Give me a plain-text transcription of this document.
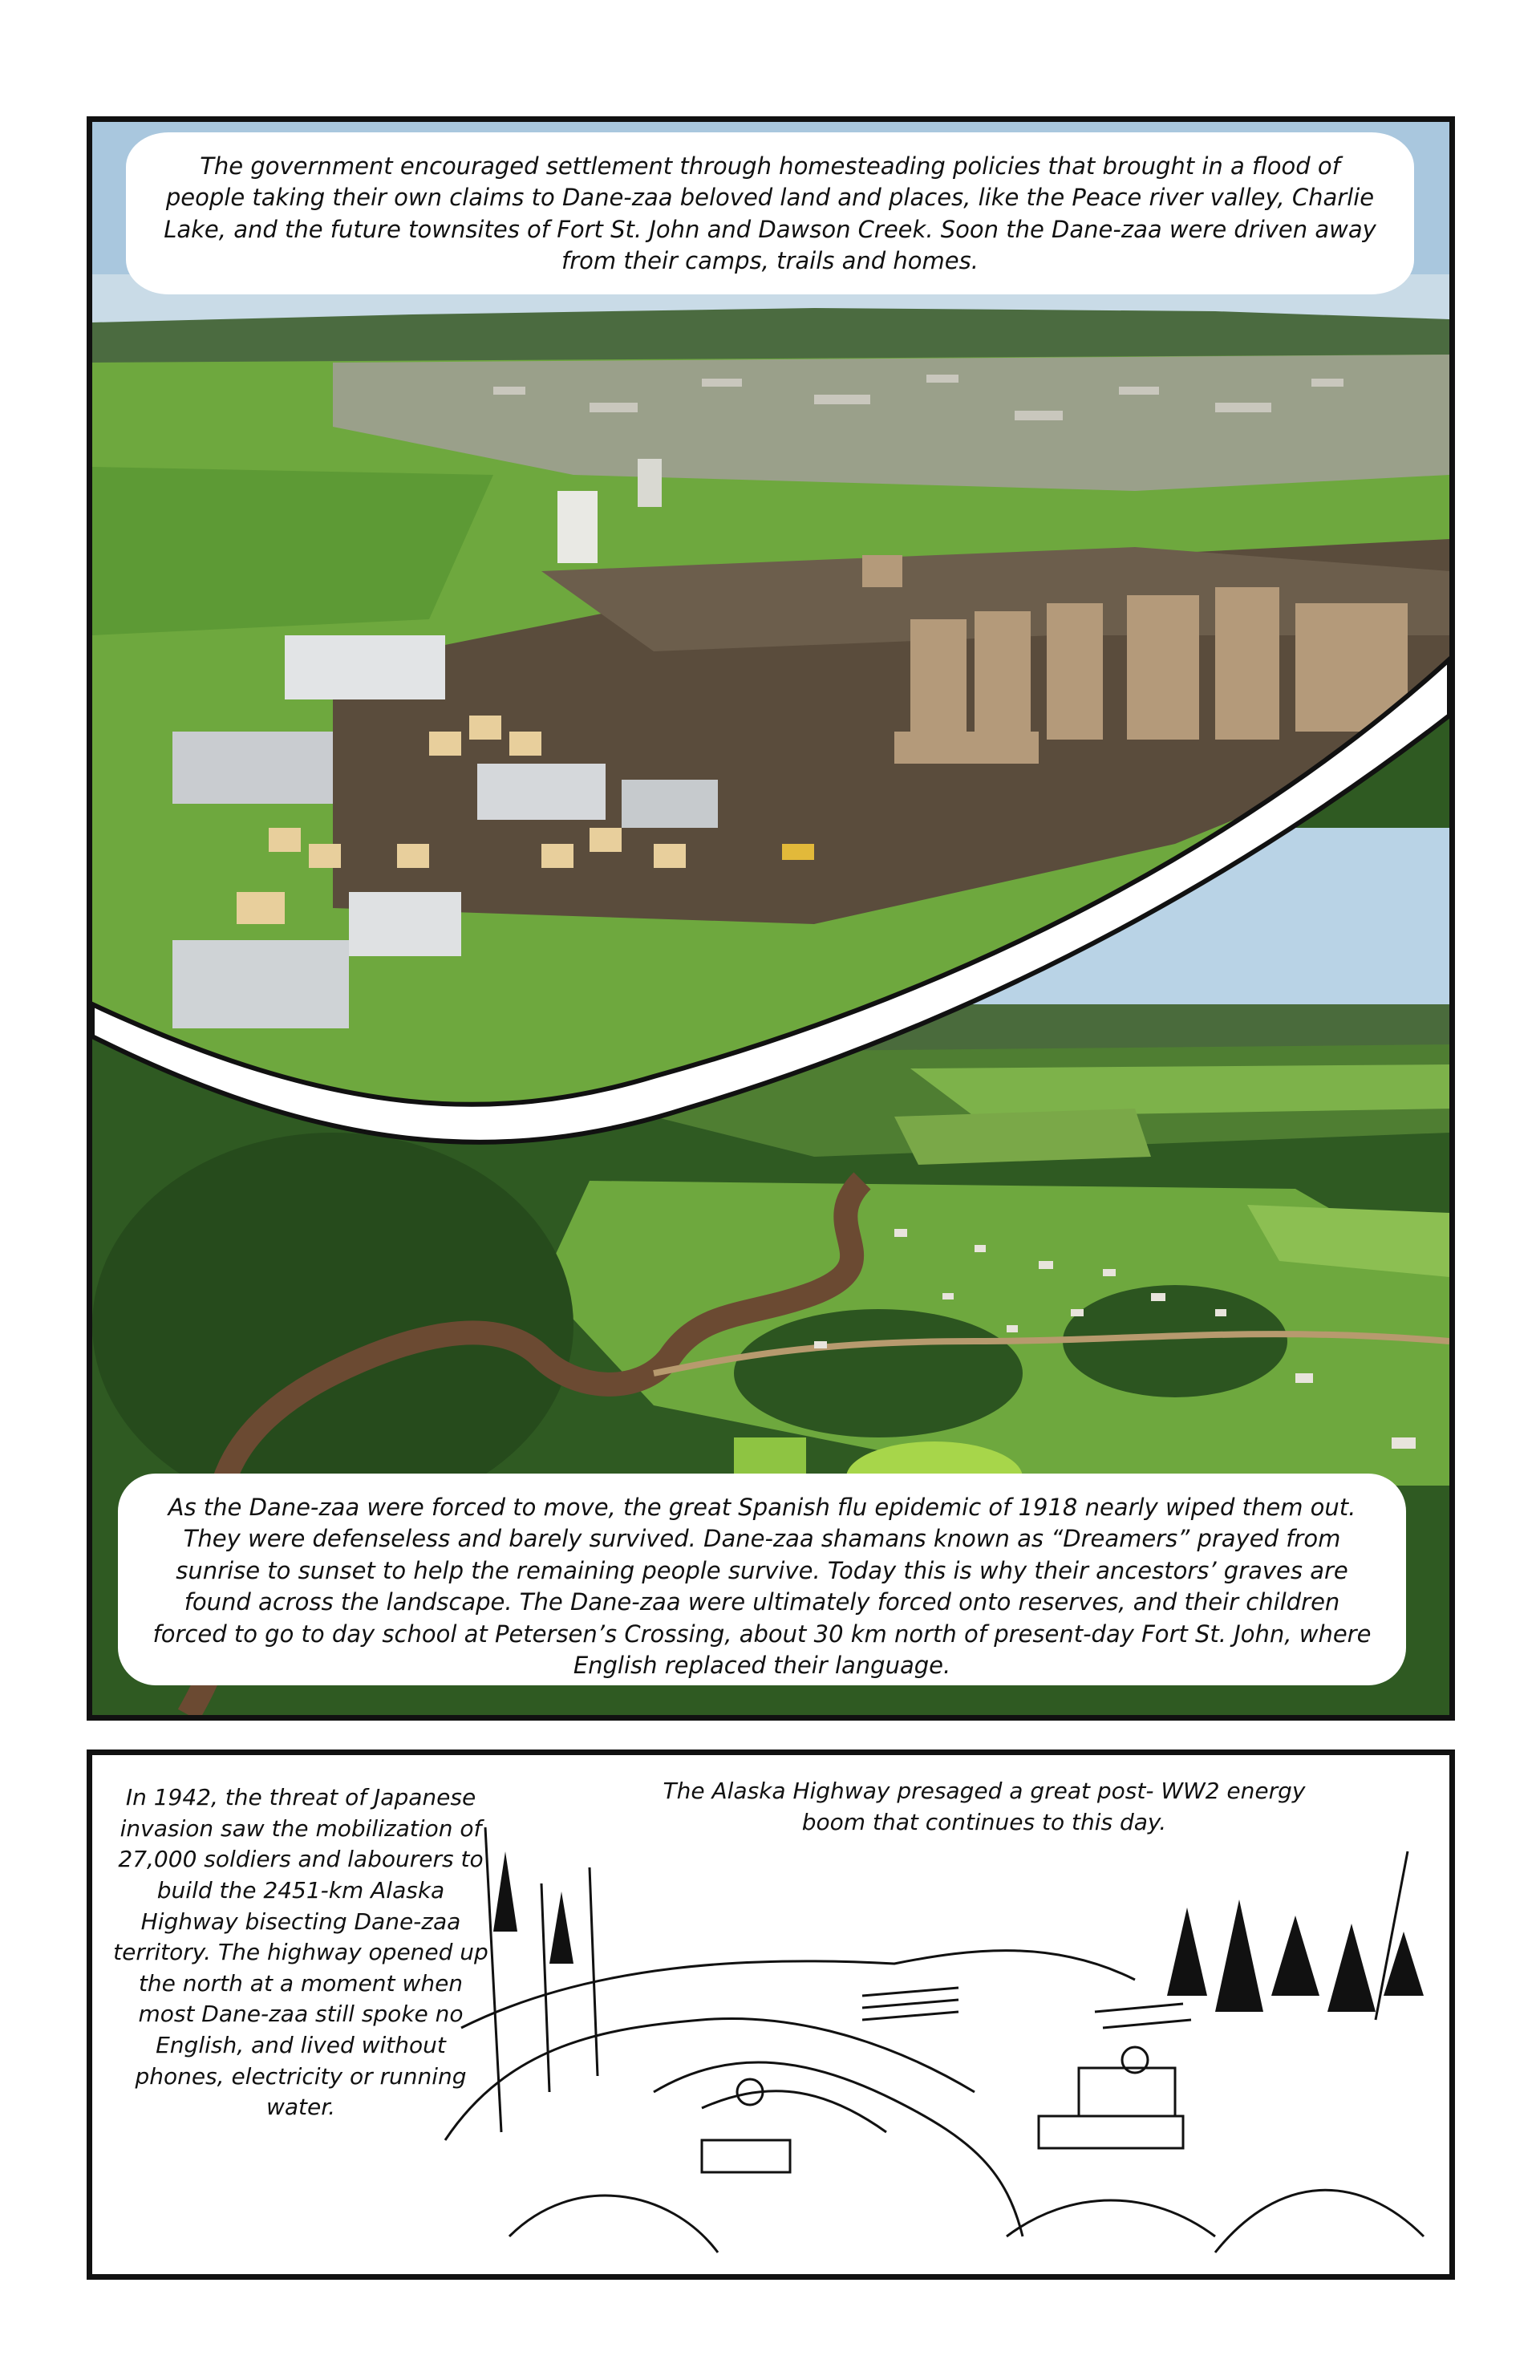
The government encouraged settlement through homesteading policies that brought in a flood of people taking their own claims to Dane-zaa beloved land and places, like the Peace river valley, Charlie Lake, and the future townsites of Fort St. John and Dawson Creek. Soon the Dane-zaa were driven away from their camps, trails and homes.
As the Dane-zaa were forced to move, the great Spanish flu epidemic of 1918 nearly wiped them out. They were defenseless and barely survived. Dane-zaa shamans known as “Dreamers” prayed from sunrise to sunset to help the remaining people survive. Today this is why their ancestors’ graves are found across the landscape. The Dane-zaa were ultimately forced onto reserves, and their children forced to go to day school at Petersen’s Crossing, about 30 km north of present-day Fort St. John, where English replaced their language.

In 1942, the threat of Japanese invasion saw the mobilization of 27,000 soldiers and labourers to build the 2451-km Alaska Highway bisecting Dane-zaa territory. The highway opened up the north at a moment when most Dane-zaa still spoke no English, and lived without phones, electricity or running water.

The Alaska Highway presaged a great post- WW2 energy boom that continues to this day.
